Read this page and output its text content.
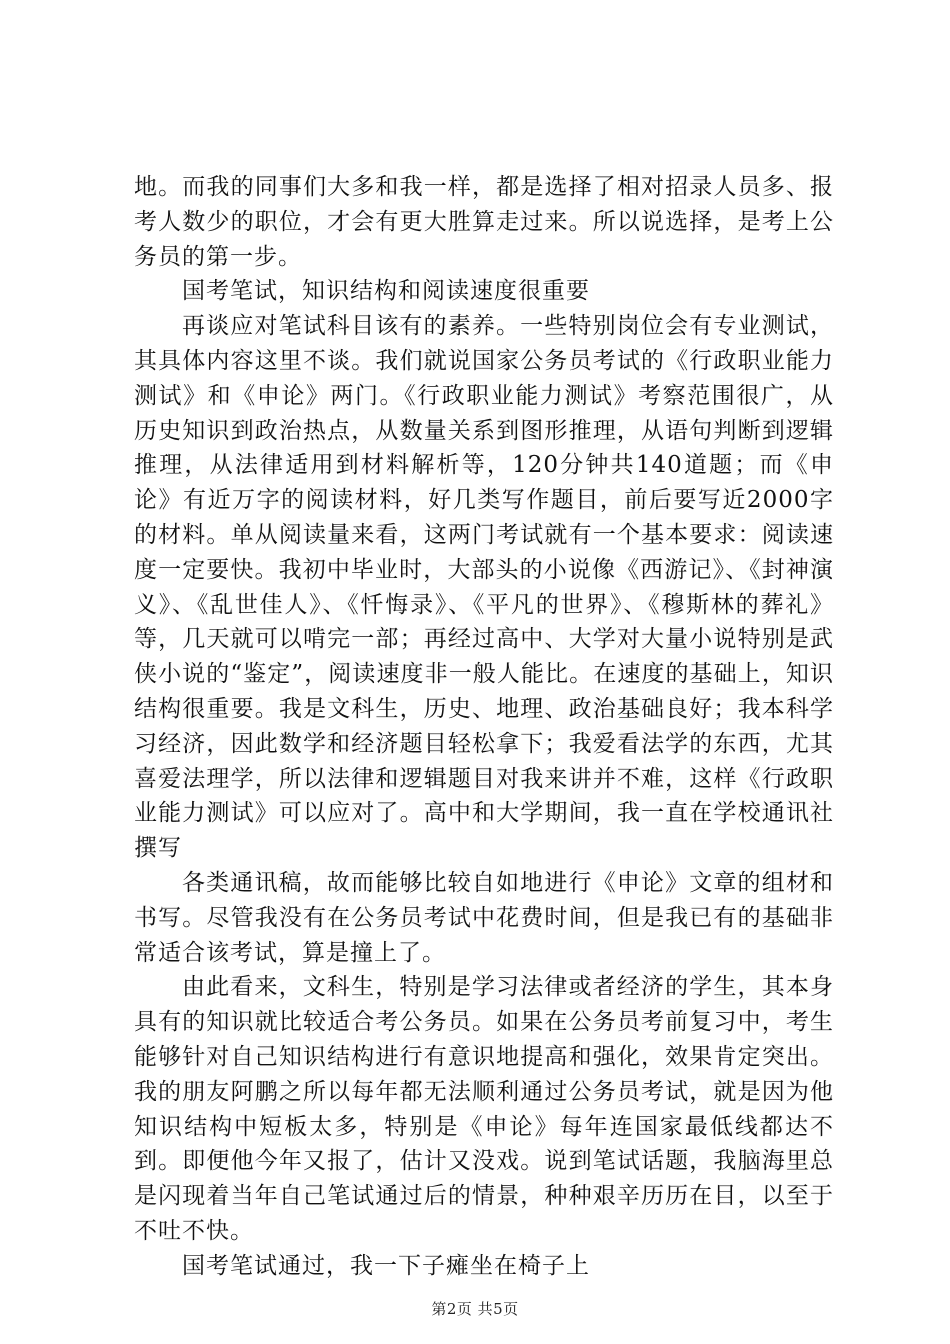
地。而我的同事们大多和我一样，都是选择了相对招录人员多、报考人数少的职位，才会有更大胜算走过来。所以说选择，是考上公务员的第一步。

国考笔试，知识结构和阅读速度很重要

再谈应对笔试科目该有的素养。一些特别岗位会有专业测试，其具体内容这里不谈。我们就说国家公务员考试的《行政职业能力测试》和《申论》两门。《行政职业能力测试》考察范围很广，从历史知识到政治热点，从数量关系到图形推理，从语句判断到逻辑推理，从法律适用到材料解析等，120分钟共140道题；而《申论》有近万字的阅读材料，好几类写作题目，前后要写近2000字的材料。单从阅读量来看，这两门考试就有一个基本要求：阅读速度一定要快。我初中毕业时，大部头的小说像《西游记》、《封神演义》、《乱世佳人》、《忏悔录》、《平凡的世界》、《穆斯林的葬礼》等，几天就可以啃完一部；再经过高中、大学对大量小说特别是武侠小说的“鉴定”，阅读速度非一般人能比。在速度的基础上，知识结构很重要。我是文科生，历史、地理、政治基础良好；我本科学习经济，因此数学和经济题目轻松拿下；我爱看法学的东西，尤其喜爱法理学，所以法律和逻辑题目对我来讲并不难，这样《行政职业能力测试》可以应对了。高中和大学期间，我一直在学校通讯社撰写

各类通讯稿，故而能够比较自如地进行《申论》文章的组材和书写。尽管我没有在公务员考试中花费时间，但是我已有的基础非常适合该考试，算是撞上了。

由此看来，文科生，特别是学习法律或者经济的学生，其本身具有的知识就比较适合考公务员。如果在公务员考前复习中，考生能够针对自己知识结构进行有意识地提高和强化，效果肯定突出。我的朋友阿鹏之所以每年都无法顺利通过公务员考试，就是因为他知识结构中短板太多，特别是《申论》每年连国家最低线都达不到。即便他今年又报了，估计又没戏。说到笔试话题，我脑海里总是闪现着当年自己笔试通过后的情景，种种艰辛历历在目，以至于不吐不快。

国考笔试通过，我一下子瘫坐在椅子上

第2页 共5页
